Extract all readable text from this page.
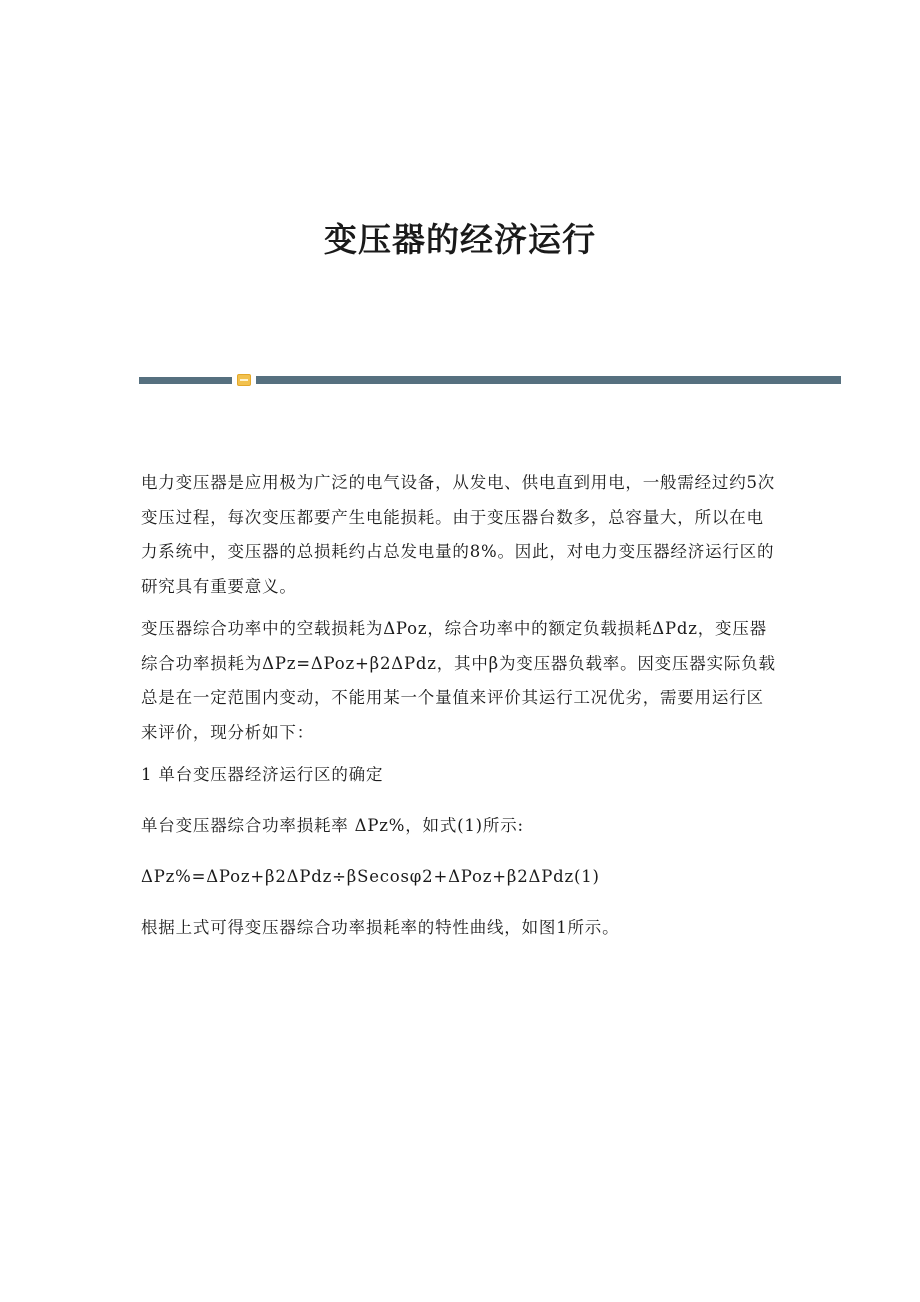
变压器的经济运行

电力变压器是应用极为广泛的电气设备，从发电、供电直到用电，一般需经过约5次变压过程，每次变压都要产生电能损耗。由于变压器台数多，总容量大，所以在电力系统中，变压器的总损耗约占总发电量的8%。因此，对电力变压器经济运行区的研究具有重要意义。

变压器综合功率中的空载损耗为ΔPoz，综合功率中的额定负载损耗ΔPdz，变压器综合功率损耗为ΔPz=ΔPoz+β2ΔPdz，其中β为变压器负载率。因变压器实际负载总是在一定范围内变动，不能用某一个量值来评价其运行工况优劣，需要用运行区来评价，现分析如下：

1 单台变压器经济运行区的确定

单台变压器综合功率损耗率 ΔPz%，如式(1)所示:

ΔPz%=ΔPoz+β2ΔPdz÷βSecosφ2+ΔPoz+β2ΔPdz(1)

根据上式可得变压器综合功率损耗率的特性曲线，如图1所示。
